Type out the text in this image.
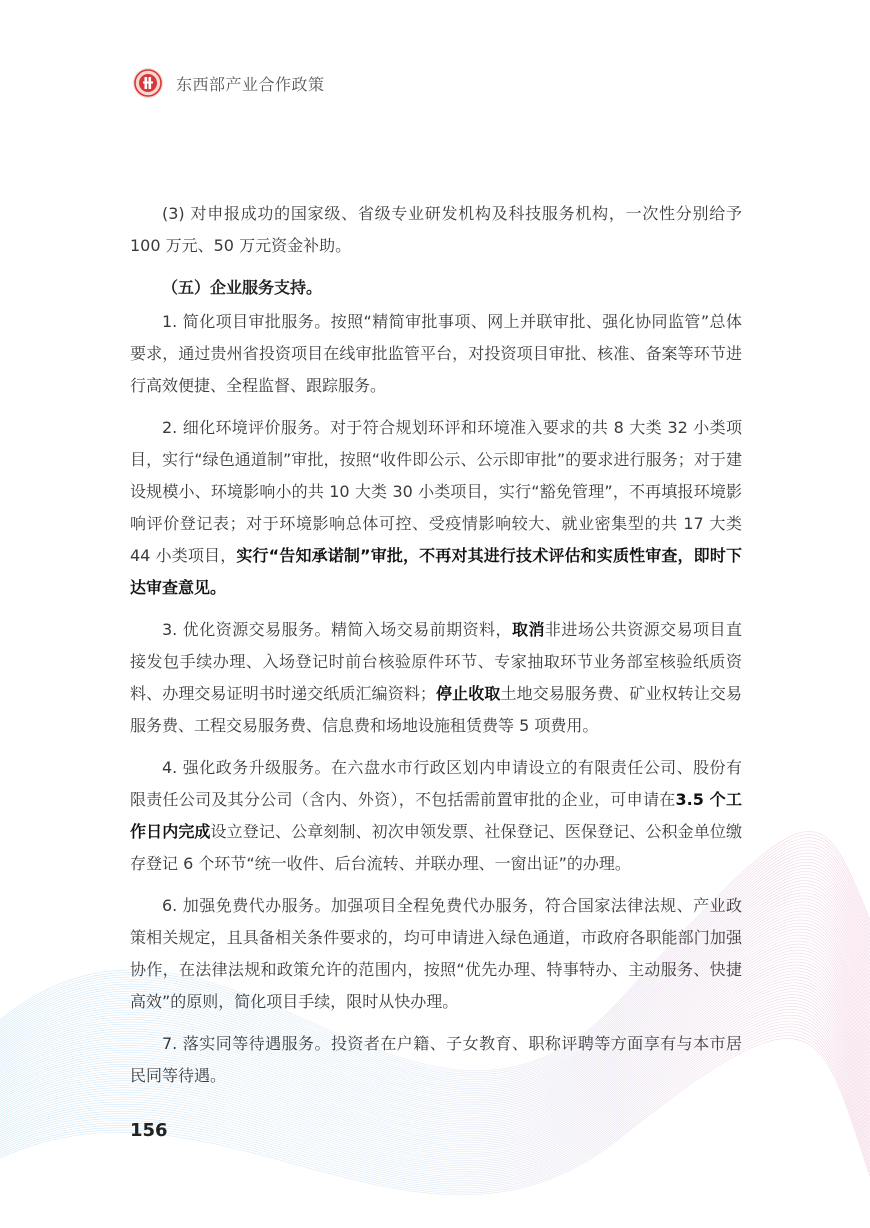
东西部产业合作政策

(3) 对申报成功的国家级、省级专业研发机构及科技服务机构，一次性分别给予 100 万元、50 万元资金补助。

（五）企业服务支持。

1. 简化项目审批服务。按照“精简审批事项、网上并联审批、强化协同监管”总体要求，通过贵州省投资项目在线审批监管平台，对投资项目审批、核准、备案等环节进行高效便捷、全程监督、跟踪服务。

2. 细化环境评价服务。对于符合规划环评和环境准入要求的共 8 大类 32 小类项目，实行“绿色通道制”审批，按照“收件即公示、公示即审批”的要求进行服务；对于建设规模小、环境影响小的共 10 大类 30 小类项目，实行“豁免管理”，不再填报环境影响评价登记表；对于环境影响总体可控、受疫情影响较大、就业密集型的共 17 大类 44 小类项目，实行“告知承诺制”审批，不再对其进行技术评估和实质性审查，即时下达审查意见。

3. 优化资源交易服务。精简入场交易前期资料，取消非进场公共资源交易项目直接发包手续办理、入场登记时前台核验原件环节、专家抽取环节业务部室核验纸质资料、办理交易证明书时递交纸质汇编资料；停止收取土地交易服务费、矿业权转让交易服务费、工程交易服务费、信息费和场地设施租赁费等 5 项费用。

4. 强化政务升级服务。在六盘水市行政区划内申请设立的有限责任公司、股份有限责任公司及其分公司（含内、外资），不包括需前置审批的企业，可申请在3.5 个工作日内完成设立登记、公章刻制、初次申领发票、社保登记、医保登记、公积金单位缴存登记 6 个环节“统一收件、后台流转、并联办理、一窗出证”的办理。

6. 加强免费代办服务。加强项目全程免费代办服务，符合国家法律法规、产业政策相关规定，且具备相关条件要求的，均可申请进入绿色通道，市政府各职能部门加强协作，在法律法规和政策允许的范围内，按照“优先办理、特事特办、主动服务、快捷高效”的原则，简化项目手续，限时从快办理。

7. 落实同等待遇服务。投资者在户籍、子女教育、职称评聘等方面享有与本市居民同等待遇。

156
